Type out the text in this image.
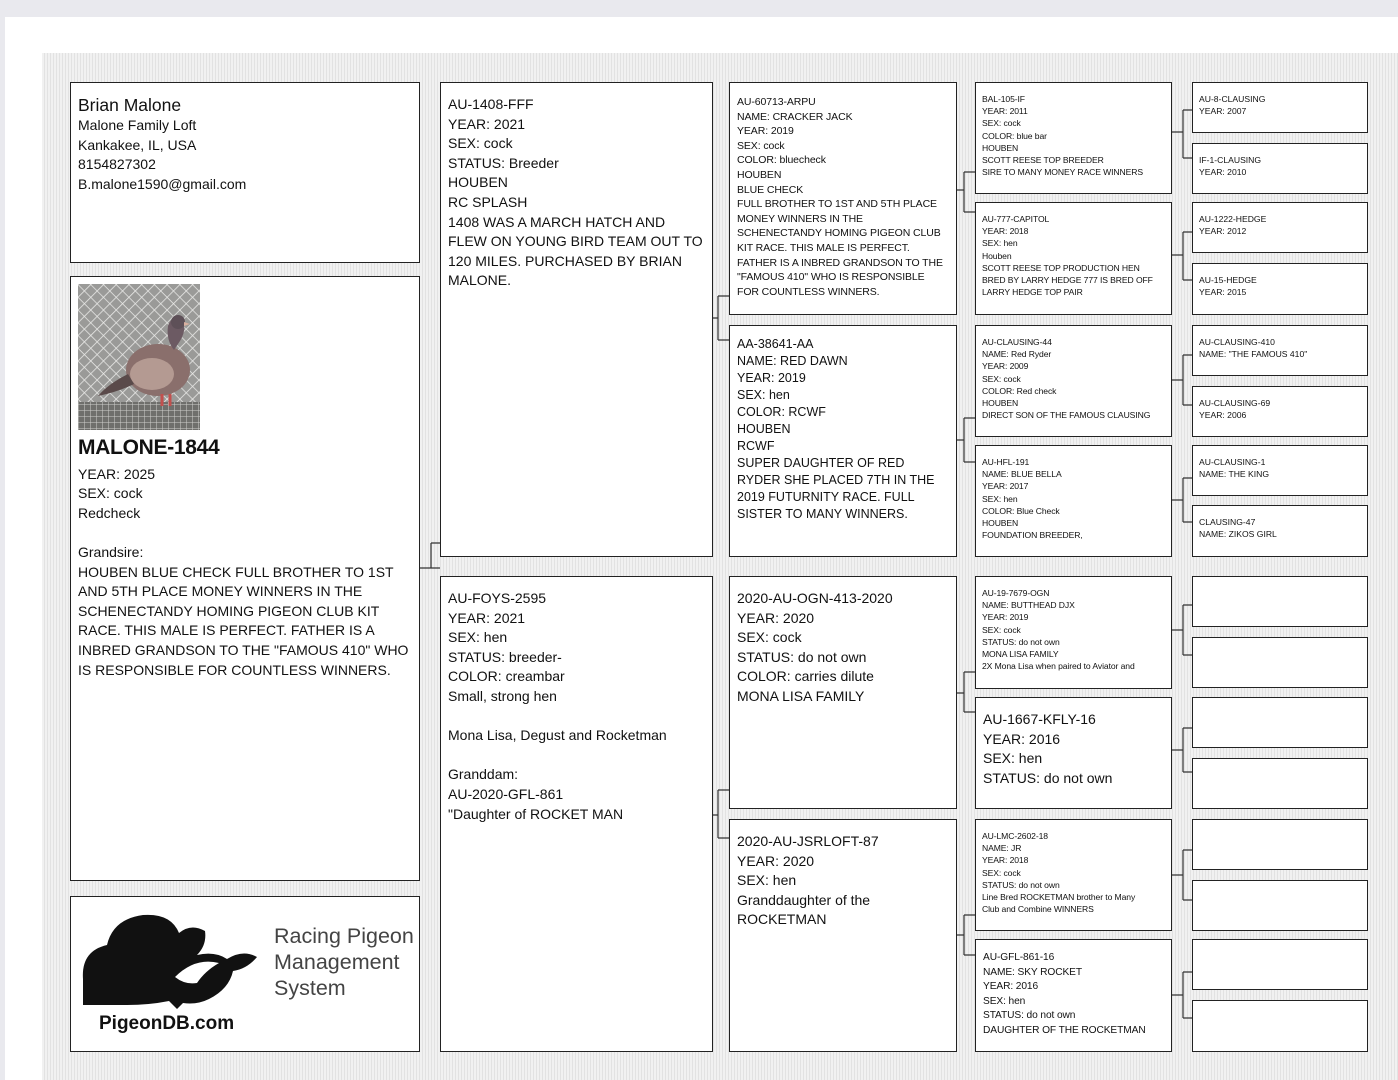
Brian Malone
Malone Family Loft
Kankakee, IL, USA
8154827302
B.malone1590@gmail.com
MALONE-1844
YEAR: 2025
SEX: cock
Redcheck
Grandsire:
HOUBEN BLUE CHECK FULL BROTHER TO 1ST AND 5TH PLACE MONEY WINNERS IN THE SCHENECTANDY HOMING PIGEON CLUB KIT RACE. THIS MALE IS PERFECT. FATHER IS A INBRED GRANDSON TO THE "FAMOUS 410" WHO IS RESPONSIBLE FOR COUNTLESS WINNERS.
Racing Pigeon
Management
System
PigeonDB.com
AU-1408-FFF
YEAR: 2021
SEX: cock
STATUS: Breeder
HOUBEN
RC SPLASH
1408 WAS A MARCH HATCH AND FLEW ON YOUNG BIRD TEAM OUT TO 120 MILES. PURCHASED BY BRIAN MALONE.
AU-FOYS-2595
YEAR: 2021
SEX: hen
STATUS: breeder-
COLOR: creambar
Small, strong hen
Mona Lisa, Degust and Rocketman
Granddam:
AU-2020-GFL-861
"Daughter of ROCKET MAN
AU-60713-ARPU
NAME: CRACKER JACK
YEAR: 2019
SEX: cock
COLOR: bluecheck
HOUBEN
BLUE CHECK
FULL BROTHER TO 1ST AND 5TH PLACE MONEY WINNERS IN THE SCHENECTANDY HOMING PIGEON CLUB KIT RACE. THIS MALE IS PERFECT. FATHER IS A INBRED GRANDSON TO THE "FAMOUS 410" WHO IS RESPONSIBLE FOR COUNTLESS WINNERS.
AA-38641-AA
NAME: RED DAWN
YEAR: 2019
SEX: hen
COLOR: RCWF
HOUBEN
RCWF
SUPER DAUGHTER OF RED RYDER SHE PLACED 7TH IN THE 2019 FUTURNITY RACE. FULL SISTER TO MANY WINNERS.
2020-AU-OGN-413-2020
YEAR: 2020
SEX: cock
STATUS: do not own
COLOR: carries dilute
MONA LISA FAMILY
2020-AU-JSRLOFT-87
YEAR: 2020
SEX: hen
Granddaughter of the ROCKETMAN
BAL-105-IF
YEAR: 2011
SEX: cock
COLOR: blue bar
HOUBEN
SCOTT REESE TOP BREEDER
SIRE TO MANY MONEY RACE WINNERS
AU-777-CAPITOL
YEAR: 2018
SEX: hen
Houben
SCOTT REESE TOP PRODUCTION HEN
BRED BY LARRY HEDGE 777 IS BRED OFF
LARRY HEDGE TOP PAIR
AU-CLAUSING-44
NAME: Red Ryder
YEAR: 2009
SEX: cock
COLOR: Red check
HOUBEN
DIRECT SON OF THE FAMOUS CLAUSING
AU-HFL-191
NAME: BLUE BELLA
YEAR: 2017
SEX: hen
COLOR: Blue Check
HOUBEN
FOUNDATION BREEDER,
AU-19-7679-OGN
NAME: BUTTHEAD DJX
YEAR: 2019
SEX: cock
STATUS: do not own
MONA LISA FAMILY
2X Mona Lisa when paired to Aviator and
AU-1667-KFLY-16
YEAR: 2016
SEX: hen
STATUS: do not own
AU-LMC-2602-18
NAME: JR
YEAR: 2018
SEX: cock
STATUS: do not own
Line Bred ROCKETMAN brother to Many
Club and Combine WINNERS
AU-GFL-861-16
NAME: SKY ROCKET
YEAR: 2016
SEX: hen
STATUS: do not own
DAUGHTER OF THE ROCKETMAN
AU-8-CLAUSING
YEAR: 2007
IF-1-CLAUSING
YEAR: 2010
AU-1222-HEDGE
YEAR: 2012
AU-15-HEDGE
YEAR: 2015
AU-CLAUSING-410
NAME: "THE FAMOUS 410"
AU-CLAUSING-69
YEAR: 2006
AU-CLAUSING-1
NAME: THE KING
CLAUSING-47
NAME: ZIKOS GIRL
